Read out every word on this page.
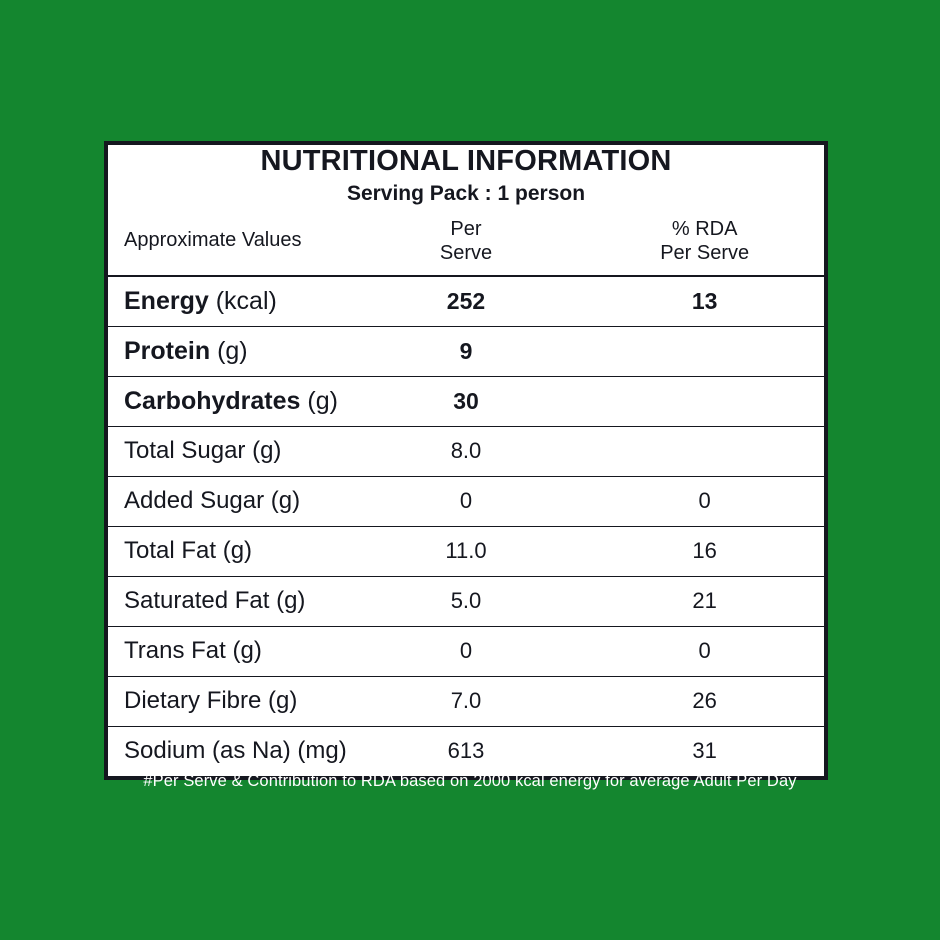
NUTRITIONAL INFORMATION
Serving Pack : 1 person		

Approximate Values	
Per
Serve

% RDA
Per Serve

Energy (kcal)	252	13
Protein (g)	9	
Carbohydrates (g)	30	
Total Sugar (g)	8.0	
Added Sugar (g)	0	0
Total Fat (g)	11.0	16
Saturated Fat (g)	5.0	21
Trans Fat (g)	0	0
Dietary Fibre (g)	7.0	26
Sodium (as Na) (mg)	613	31
#Per Serve & Contribution to RDA based on 2000 kcal energy for average Adult Per Day
